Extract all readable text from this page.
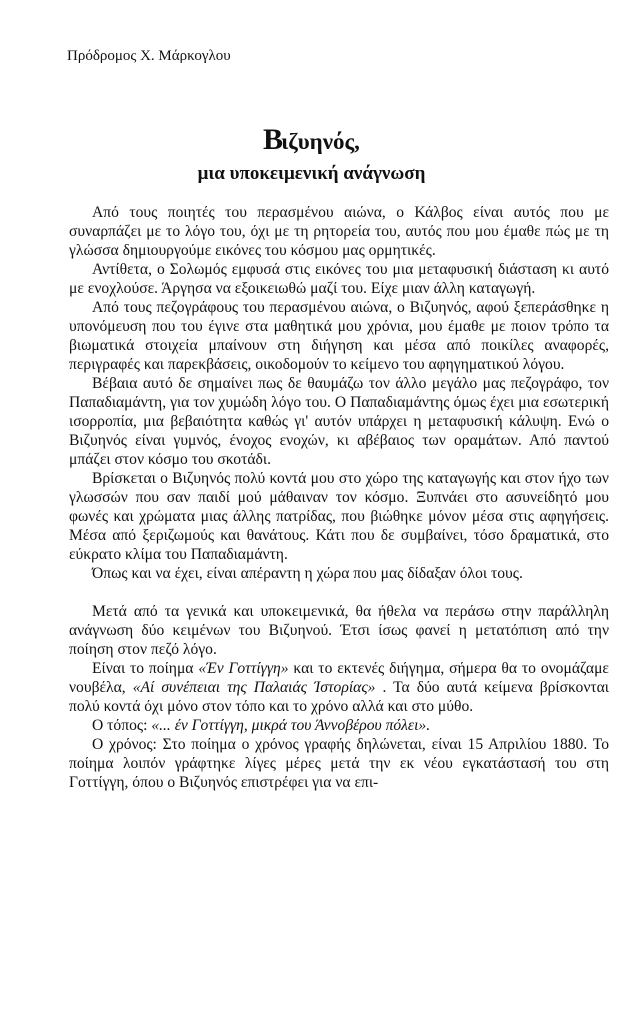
Πρόδρομος Χ. Μάρκογλου
Βιζυηνός,
μια υποκειμενική ανάγνωση

Από τους ποιητές του περασμένου αιώνα, ο Κάλβος είναι αυτός που με συναρπάζει με το λόγο του, όχι με τη ρητορεία του, αυτός που μου έμαθε πώς με τη γλώσσα δημιουργούμε εικόνες του κόσμου μας ορμητικές.

Αντίθετα, ο Σολωμός εμφυσά στις εικόνες του μια μεταφυσική διάσταση κι αυτό με ενοχλούσε. Άργησα να εξοικειωθώ μαζί του. Είχε μιαν άλλη καταγωγή.

Από τους πεζογράφους του περασμένου αιώνα, ο Βιζυηνός, αφού ξεπεράσθηκε η υπονόμευση που του έγινε στα μαθητικά μου χρόνια, μου έμαθε με ποιον τρόπο τα βιωματικά στοιχεία μπαίνουν στη διήγηση και μέσα από ποικίλες αναφορές, περιγραφές και παρεκβάσεις, οικοδομούν το κείμενο του αφηγηματικού λόγου.

Βέβαια αυτό δε σημαίνει πως δε θαυμάζω τον άλλο μεγάλο μας πεζογράφο, τον Παπαδιαμάντη, για τον χυμώδη λόγο του. Ο Παπαδιαμάντης όμως έχει μια εσωτερική ισορροπία, μια βεβαιότητα καθώς γι' αυτόν υπάρχει η μεταφυσική κάλυψη. Ενώ ο Βιζυηνός είναι γυμνός, ένοχος ενοχών, κι αβέβαιος των οραμάτων. Από παντού μπάζει στον κόσμο του σκοτάδι.

Βρίσκεται ο Βιζυηνός πολύ κοντά μου στο χώρο της καταγωγής και στον ήχο των γλωσσών που σαν παιδί μού μάθαιναν τον κόσμο. Ξυπνάει στο ασυνείδητό μου φωνές και χρώματα μιας άλλης πατρίδας, που βιώθηκε μόνον μέσα στις αφηγήσεις. Μέσα από ξεριζωμούς και θανάτους. Κάτι που δε συμβαίνει, τόσο δραματικά, στο εύκρατο κλίμα του Παπαδιαμάντη.

Όπως και να έχει, είναι απέραντη η χώρα που μας δίδαξαν όλοι τους.

Μετά από τα γενικά και υποκειμενικά, θα ήθελα να περάσω στην παράλληλη ανάγνωση δύο κειμένων του Βιζυηνού. Έτσι ίσως φανεί η μετατόπιση από την ποίηση στον πεζό λόγο.

Είναι το ποίημα «Έν Γοττίγγη» και το εκτενές διήγημα, σήμερα θα το ονομάζαμε νουβέλα, «Αί συνέπειαι της Παλαιάς Ίστορίας» . Τα δύο αυτά κείμενα βρίσκονται πολύ κοντά όχι μόνο στον τόπο και το χρόνο αλλά και στο μύθο.

Ο τόπος: «... έν Γοττίγγη, μικρά του Άννοβέρου πόλει».

Ο χρόνος: Στο ποίημα ο χρόνος γραφής δηλώνεται, είναι 15 Απριλίου 1880. Το ποίημα λοιπόν γράφτηκε λίγες μέρες μετά την εκ νέου εγκατάστασή του στη Γοττίγγη, όπου ο Βιζυηνός επιστρέφει για να επι-
